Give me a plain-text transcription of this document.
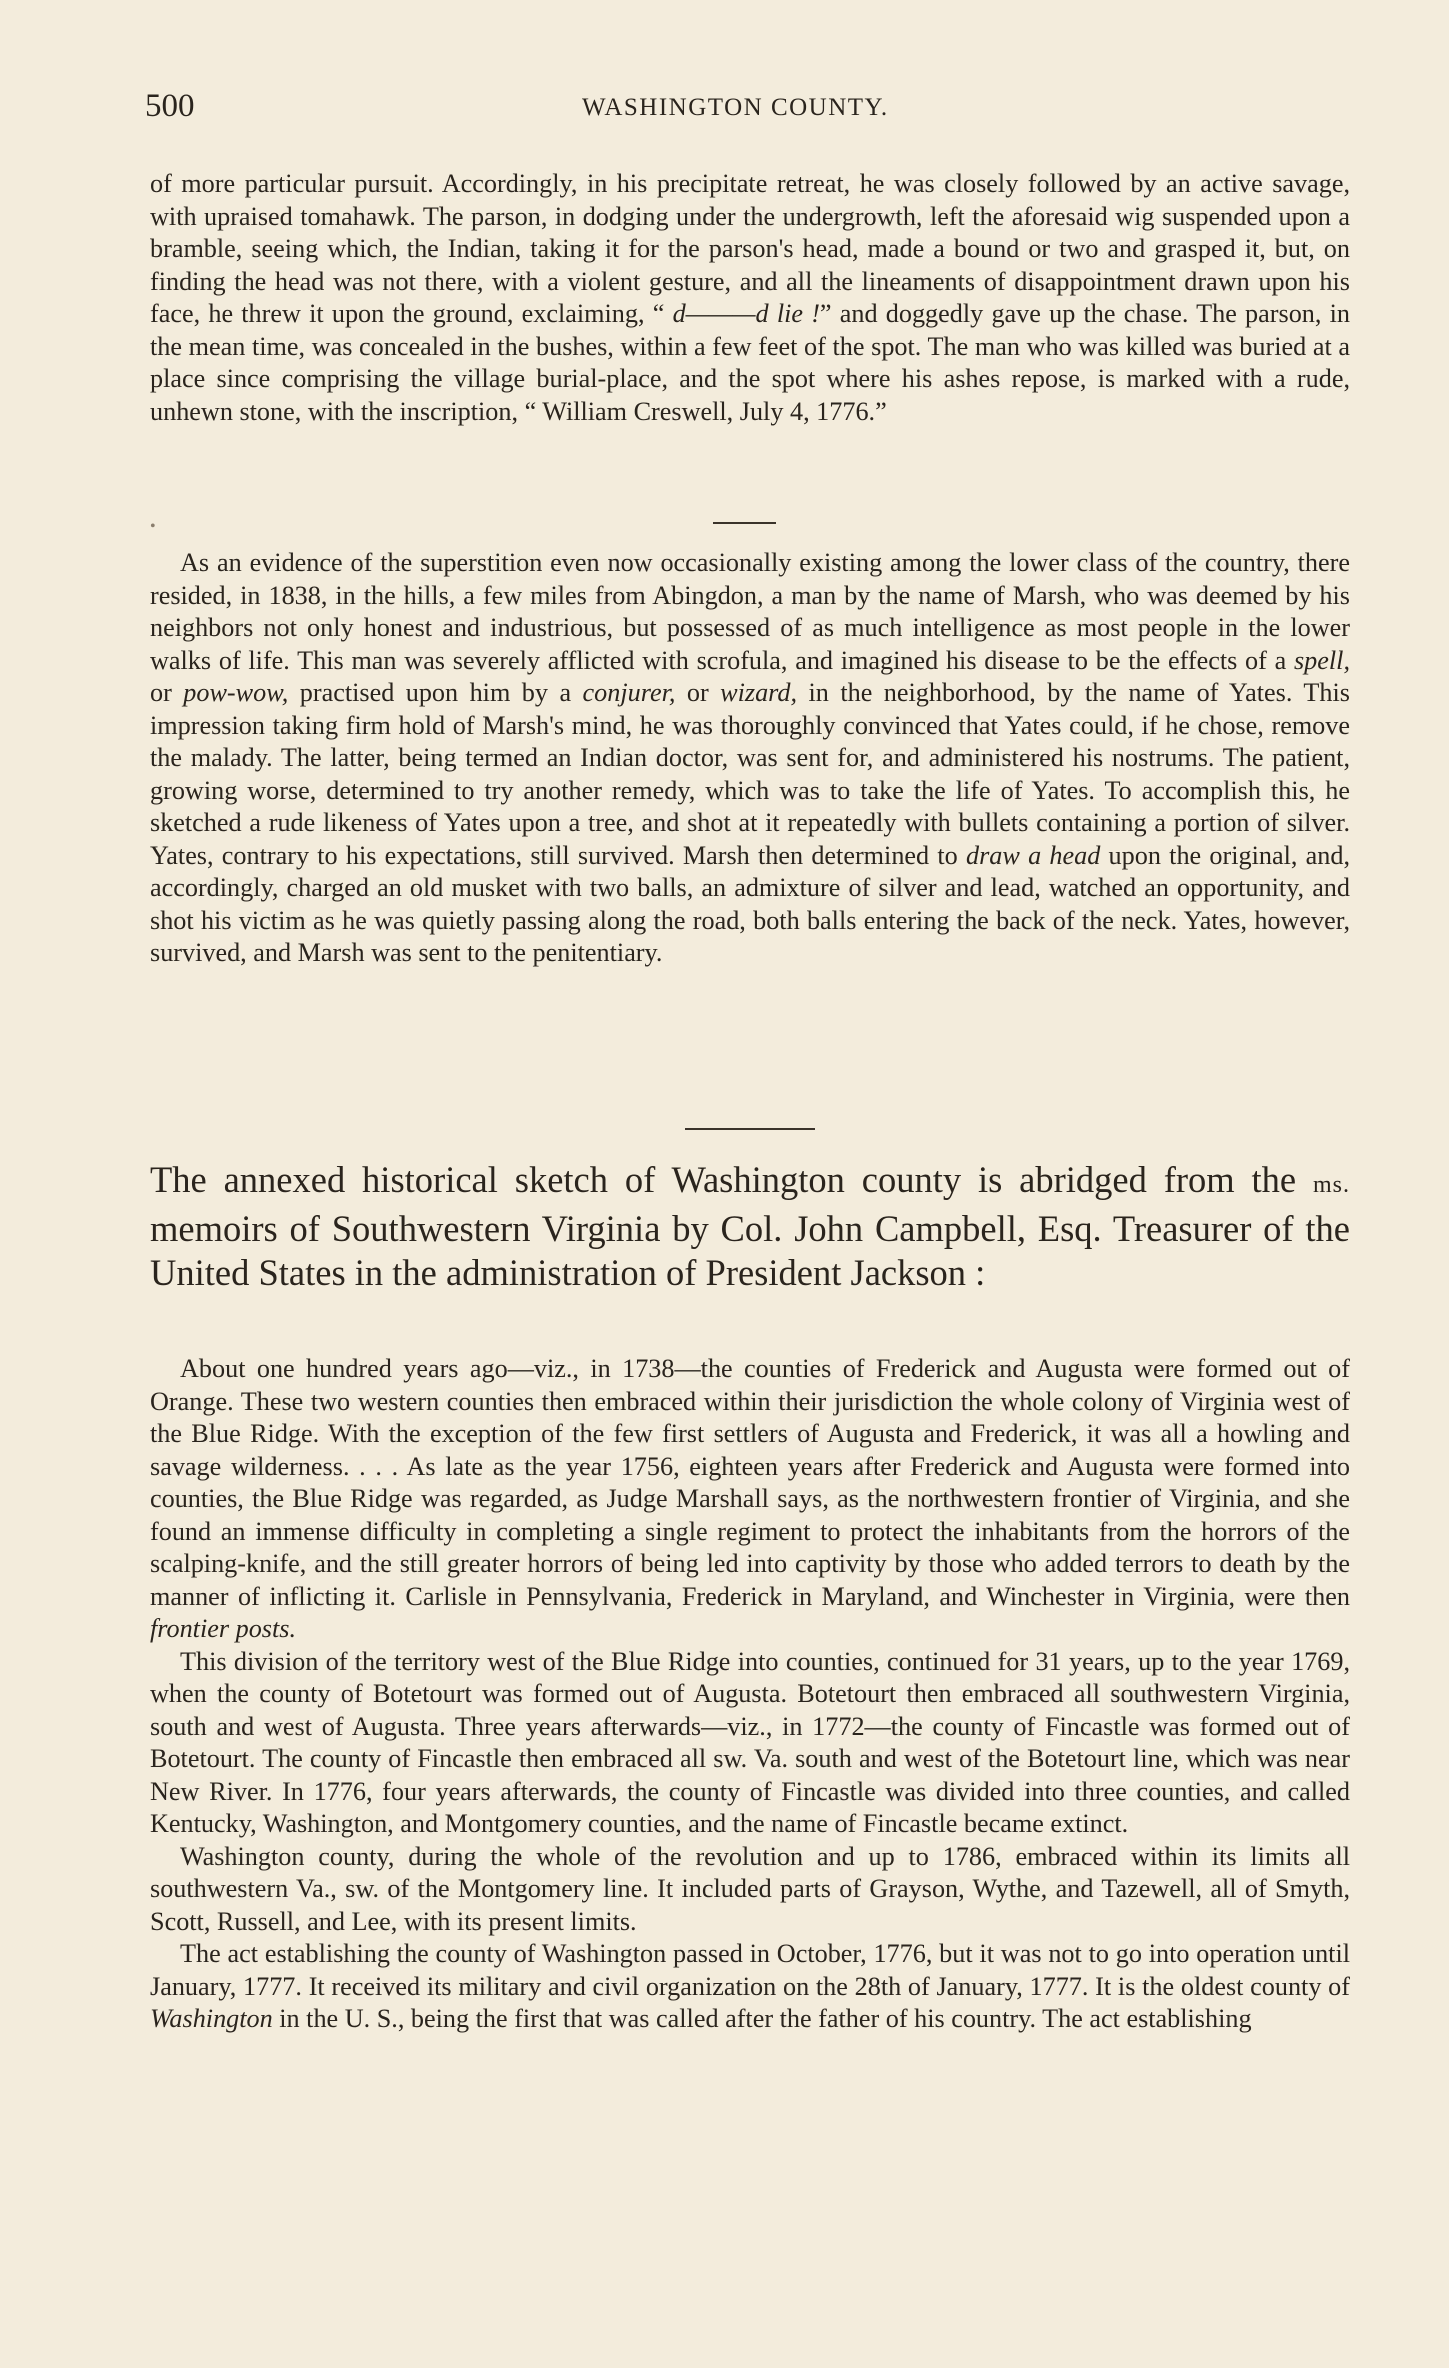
500	WASHINGTON COUNTY.

of more particular pursuit. Accordingly, in his precipitate retreat, he was closely followed by an active savage, with upraised tomahawk. The parson, in dodging under the undergrowth, left the aforesaid wig suspended upon a bramble, seeing which, the Indian, taking it for the parson's head, made a bound or two and grasped it, but, on finding the head was not there, with a violent gesture, and all the lineaments of disappointment drawn upon his face, he threw it upon the ground, exclaiming, “ d———d lie !” and doggedly gave up the chase. The parson, in the mean time, was concealed in the bushes, within a few feet of the spot. The man who was killed was buried at a place since comprising the village burial-place, and the spot where his ashes repose, is marked with a rude, unhewn stone, with the inscription, “ William Creswell, July 4, 1776.”

•

As an evidence of the superstition even now occasionally existing among the lower class of the country, there resided, in 1838, in the hills, a few miles from Abingdon, a man by the name of Marsh, who was deemed by his neighbors not only honest and industrious, but possessed of as much intelligence as most people in the lower walks of life. This man was severely afflicted with scrofula, and imagined his disease to be the effects of a spell, or pow-wow, practised upon him by a conjurer, or wizard, in the neighborhood, by the name of Yates. This impression taking firm hold of Marsh's mind, he was thoroughly convinced that Yates could, if he chose, remove the malady. The latter, being termed an Indian doctor, was sent for, and administered his nostrums. The patient, growing worse, determined to try another remedy, which was to take the life of Yates. To accomplish this, he sketched a rude likeness of Yates upon a tree, and shot at it repeatedly with bullets containing a portion of silver. Yates, contrary to his expectations, still survived. Marsh then determined to draw a head upon the original, and, accordingly, charged an old musket with two balls, an admixture of silver and lead, watched an opportunity, and shot his victim as he was quietly passing along the road, both balls entering the back of the neck. Yates, however, survived, and Marsh was sent to the penitentiary.

The annexed historical sketch of Washington county is abridged from the ms. memoirs of Southwestern Virginia by Col. John Campbell, Esq. Treasurer of the United States in the administration of President Jackson :

About one hundred years ago—viz., in 1738—the counties of Frederick and Augusta were formed out of Orange. These two western counties then embraced within their jurisdiction the whole colony of Virginia west of the Blue Ridge. With the exception of the few first settlers of Augusta and Frederick, it was all a howling and savage wilderness. . . . As late as the year 1756, eighteen years after Frederick and Augusta were formed into counties, the Blue Ridge was regarded, as Judge Marshall says, as the northwestern frontier of Virginia, and she found an immense difficulty in completing a single regiment to protect the inhabitants from the horrors of the scalping-knife, and the still greater horrors of being led into captivity by those who added terrors to death by the manner of inflicting it. Carlisle in Pennsylvania, Frederick in Maryland, and Winchester in Virginia, were then frontier posts.

This division of the territory west of the Blue Ridge into counties, continued for 31 years, up to the year 1769, when the county of Botetourt was formed out of Augusta. Botetourt then embraced all southwestern Virginia, south and west of Augusta. Three years afterwards—viz., in 1772—the county of Fincastle was formed out of Botetourt. The county of Fincastle then embraced all sw. Va. south and west of the Botetourt line, which was near New River. In 1776, four years afterwards, the county of Fincastle was divided into three counties, and called Kentucky, Washington, and Montgomery counties, and the name of Fincastle became extinct.

Washington county, during the whole of the revolution and up to 1786, embraced within its limits all southwestern Va., sw. of the Montgomery line. It included parts of Grayson, Wythe, and Tazewell, all of Smyth, Scott, Russell, and Lee, with its present limits.

The act establishing the county of Washington passed in October, 1776, but it was not to go into operation until January, 1777. It received its military and civil organization on the 28th of January, 1777. It is the oldest county of Washington in the U. S., being the first that was called after the father of his country. The act establishing
